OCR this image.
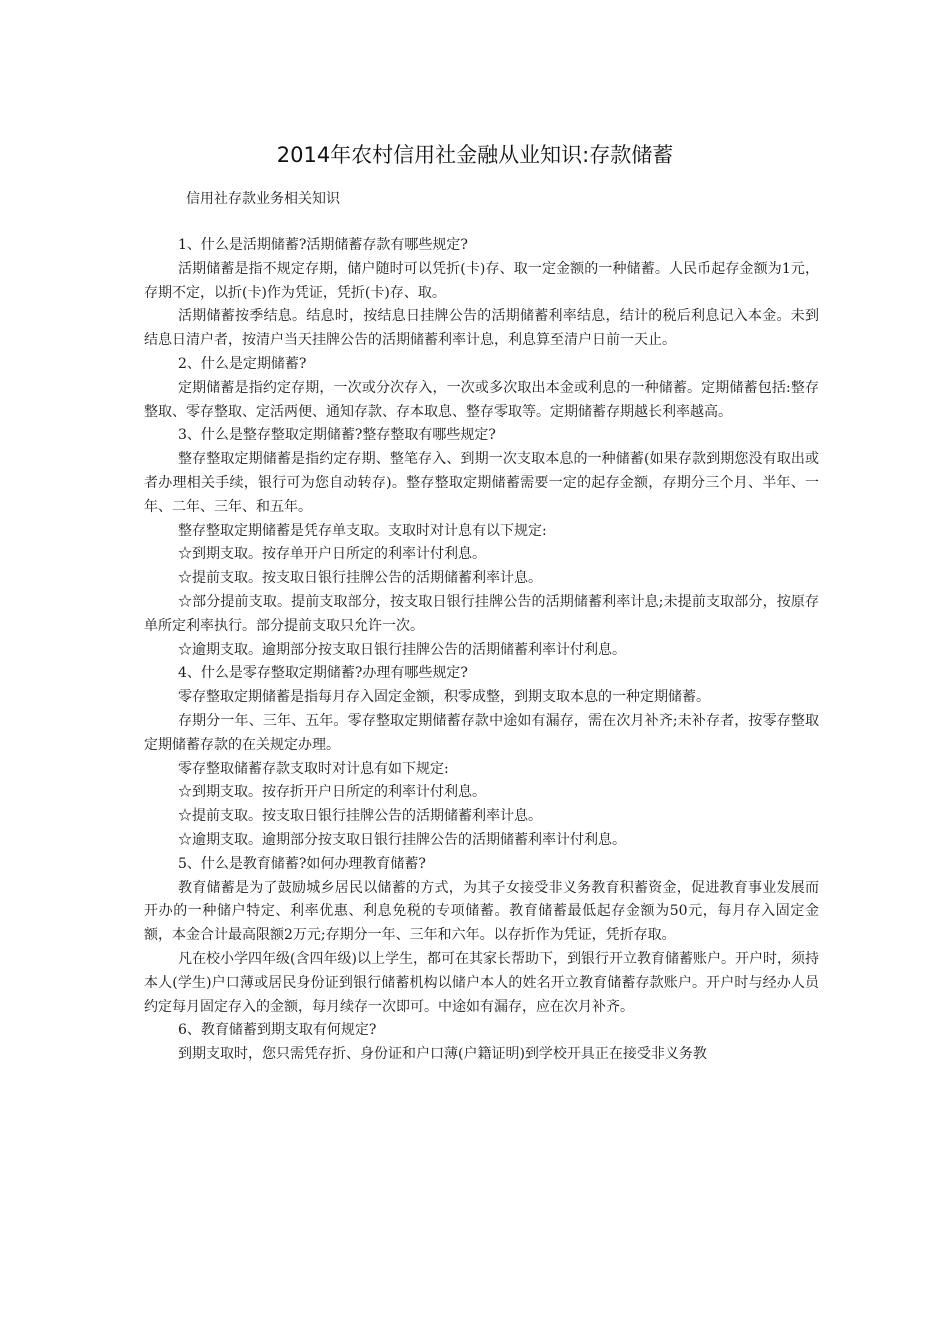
2014年农村信用社金融从业知识:存款储蓄
信用社存款业务相关知识

1、什么是活期储蓄?活期储蓄存款有哪些规定?

活期储蓄是指不规定存期，储户随时可以凭折(卡)存、取一定金额的一种储蓄。人民币起存金额为1元，存期不定，以折(卡)作为凭证，凭折(卡)存、取。

活期储蓄按季结息。结息时，按结息日挂牌公告的活期储蓄利率结息，结计的税后利息记入本金。未到结息日清户者，按清户当天挂牌公告的活期储蓄利率计息，利息算至清户日前一天止。

2、什么是定期储蓄?

定期储蓄是指约定存期，一次或分次存入，一次或多次取出本金或利息的一种储蓄。定期储蓄包括:整存整取、零存整取、定活两便、通知存款、存本取息、整存零取等。定期储蓄存期越长利率越高。

3、什么是整存整取定期储蓄?整存整取有哪些规定?

整存整取定期储蓄是指约定存期、整笔存入、到期一次支取本息的一种储蓄(如果存款到期您没有取出或者办理相关手续，银行可为您自动转存)。整存整取定期储蓄需要一定的起存金额，存期分三个月、半年、一年、二年、三年、和五年。

整存整取定期储蓄是凭存单支取。支取时对计息有以下规定:

☆到期支取。按存单开户日所定的利率计付利息。

☆提前支取。按支取日银行挂牌公告的活期储蓄利率计息。

☆部分提前支取。提前支取部分，按支取日银行挂牌公告的活期储蓄利率计息;未提前支取部分，按原存单所定利率执行。部分提前支取只允许一次。

☆逾期支取。逾期部分按支取日银行挂牌公告的活期储蓄利率计付利息。

4、什么是零存整取定期储蓄?办理有哪些规定?

零存整取定期储蓄是指每月存入固定金额，积零成整，到期支取本息的一种定期储蓄。

存期分一年、三年、五年。零存整取定期储蓄存款中途如有漏存，需在次月补齐;未补存者，按零存整取定期储蓄存款的在关规定办理。

零存整取储蓄存款支取时对计息有如下规定:

☆到期支取。按存折开户日所定的利率计付利息。

☆提前支取。按支取日银行挂牌公告的活期储蓄利率计息。

☆逾期支取。逾期部分按支取日银行挂牌公告的活期储蓄利率计付利息。

5、什么是教育储蓄?如何办理教育储蓄?

教育储蓄是为了鼓励城乡居民以储蓄的方式，为其子女接受非义务教育积蓄资金，促进教育事业发展而开办的一种储户特定、利率优惠、利息免税的专项储蓄。教育储蓄最低起存金额为50元，每月存入固定金额，本金合计最高限额2万元;存期分一年、三年和六年。以存折作为凭证，凭折存取。

凡在校小学四年级(含四年级)以上学生，都可在其家长帮助下，到银行开立教育储蓄账户。开户时，须持本人(学生)户口薄或居民身份证到银行储蓄机构以储户本人的姓名开立教育储蓄存款账户。开户时与经办人员约定每月固定存入的金额，每月续存一次即可。中途如有漏存，应在次月补齐。

6、教育储蓄到期支取有何规定?

到期支取时，您只需凭存折、身份证和户口薄(户籍证明)到学校开具正在接受非义务教
